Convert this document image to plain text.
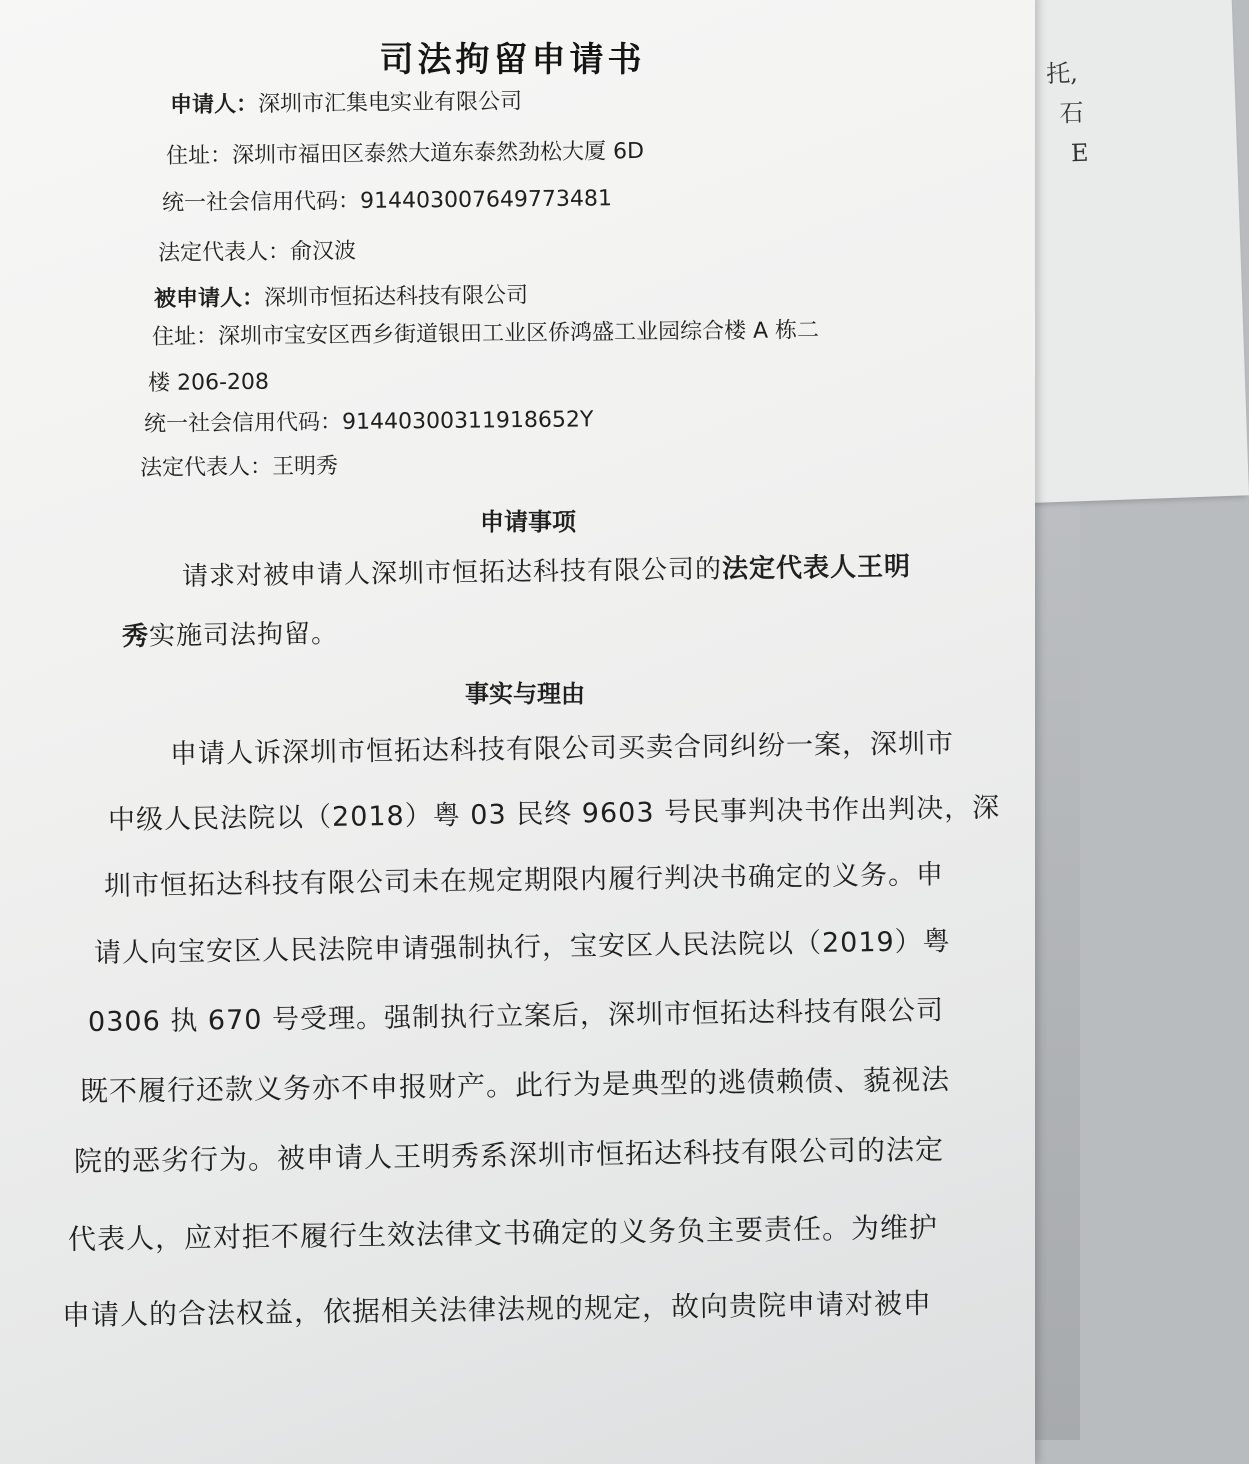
托,
石
E
司法拘留申请书
申请人：深圳市汇集电实业有限公司
住址：深圳市福田区泰然大道东泰然劲松大厦 6D
统一社会信用代码：914403007649773481
法定代表人：俞汉波
被申请人：深圳市恒拓达科技有限公司
住址：深圳市宝安区西乡街道银田工业区侨鸿盛工业园综合楼 A 栋二
楼 206-208
统一社会信用代码：91440300311918652Y
法定代表人：王明秀
申请事项
请求对被申请人深圳市恒拓达科技有限公司的法定代表人王明
秀实施司法拘留。
事实与理由
申请人诉深圳市恒拓达科技有限公司买卖合同纠纷一案，深圳市
中级人民法院以（2018）粤 03 民终 9603 号民事判决书作出判决，深
圳市恒拓达科技有限公司未在规定期限内履行判决书确定的义务。申
请人向宝安区人民法院申请强制执行，宝安区人民法院以（2019）粤
0306 执 670 号受理。强制执行立案后，深圳市恒拓达科技有限公司
既不履行还款义务亦不申报财产。此行为是典型的逃债赖债、藐视法
院的恶劣行为。被申请人王明秀系深圳市恒拓达科技有限公司的法定
代表人，应对拒不履行生效法律文书确定的义务负主要责任。为维护
申请人的合法权益，依据相关法律法规的规定，故向贵院申请对被申
